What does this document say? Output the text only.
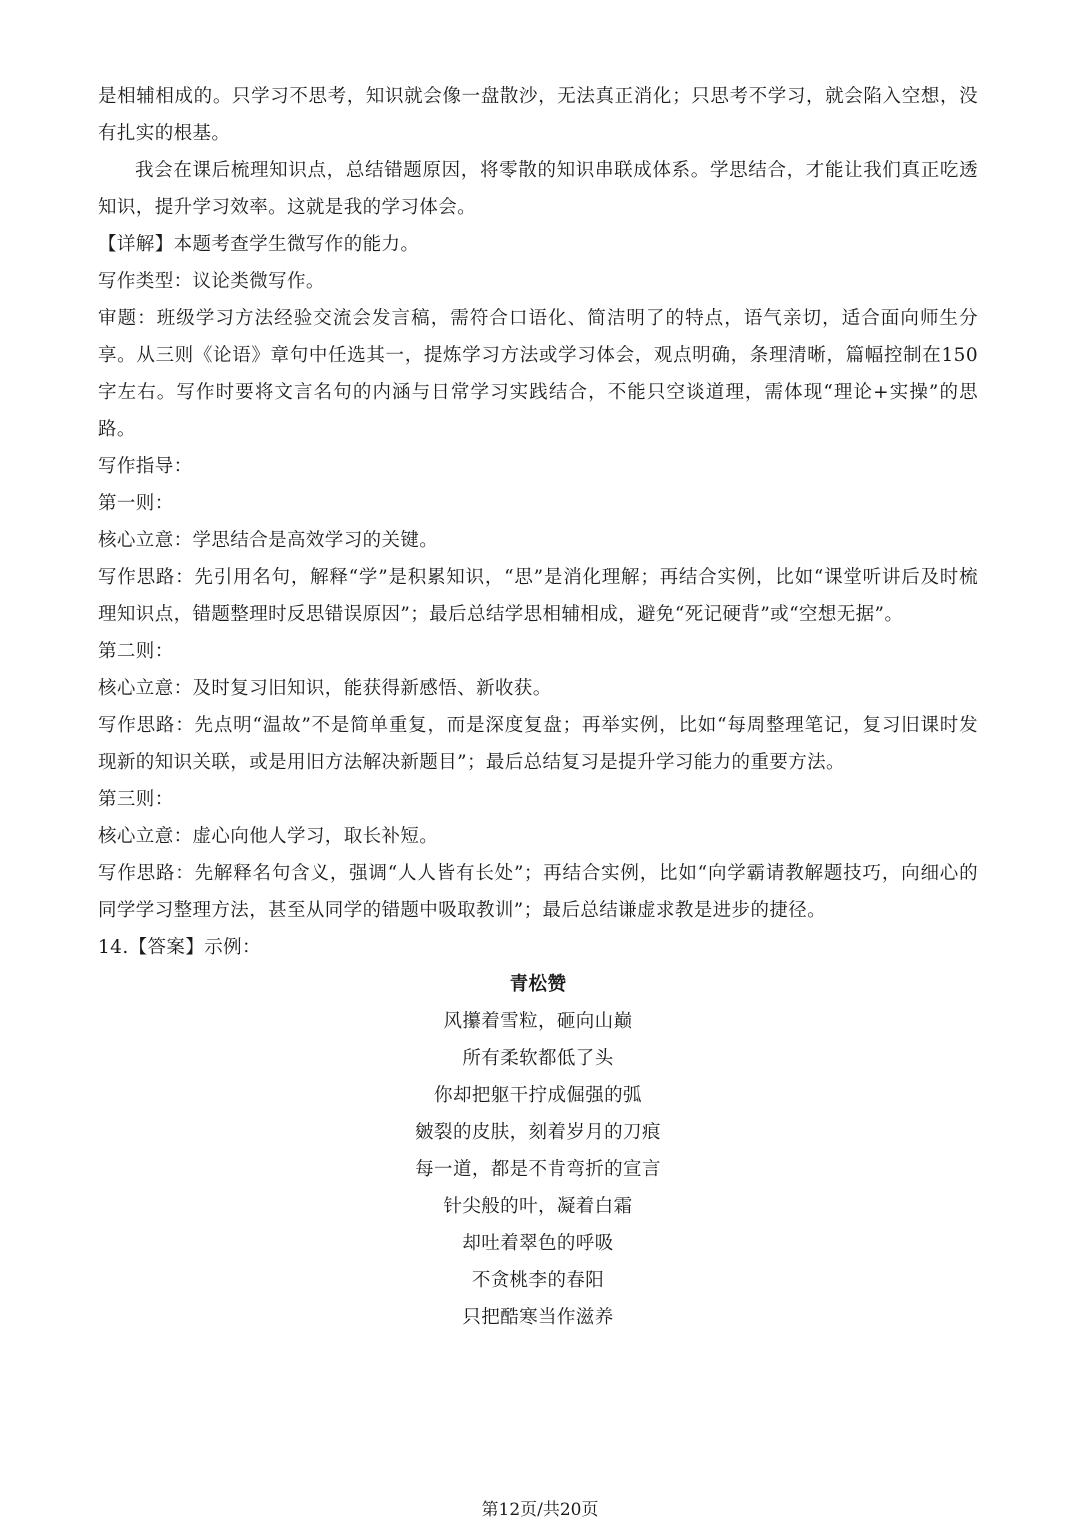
是相辅相成的。只学习不思考，知识就会像一盘散沙，无法真正消化；只思考不学习，就会陷入空想，没有扎实的根基。

我会在课后梳理知识点，总结错题原因，将零散的知识串联成体系。学思结合，才能让我们真正吃透知识，提升学习效率。这就是我的学习体会。

【详解】本题考查学生微写作的能力。

写作类型：议论类微写作。

审题：班级学习方法经验交流会发言稿，需符合口语化、简洁明了的特点，语气亲切，适合面向师生分享。从三则《论语》章句中任选其一，提炼学习方法或学习体会，观点明确，条理清晰，篇幅控制在150字左右。写作时要将文言名句的内涵与日常学习实践结合，不能只空谈道理，需体现“理论+实操”的思路。

写作指导：

第一则：

核心立意：学思结合是高效学习的关键。

写作思路：先引用名句，解释“学”是积累知识，“思”是消化理解；再结合实例，比如“课堂听讲后及时梳理知识点，错题整理时反思错误原因”；最后总结学思相辅相成，避免“死记硬背”或“空想无据”。

第二则：

核心立意：及时复习旧知识，能获得新感悟、新收获。

写作思路：先点明“温故”不是简单重复，而是深度复盘；再举实例，比如“每周整理笔记，复习旧课时发现新的知识关联，或是用旧方法解决新题目”；最后总结复习是提升学习能力的重要方法。

第三则：

核心立意：虚心向他人学习，取长补短。

写作思路：先解释名句含义，强调“人人皆有长处”；再结合实例，比如“向学霸请教解题技巧，向细心的同学学习整理方法，甚至从同学的错题中吸取教训”；最后总结谦虚求教是进步的捷径。

14.【答案】示例：

青松赞

风攥着雪粒，砸向山巅

所有柔软都低了头

你却把躯干拧成倔强的弧

皴裂的皮肤，刻着岁月的刀痕

每一道，都是不肯弯折的宣言

针尖般的叶，凝着白霜

却吐着翠色的呼吸

不贪桃李的春阳

只把酷寒当作滋养

第12页/共20页
